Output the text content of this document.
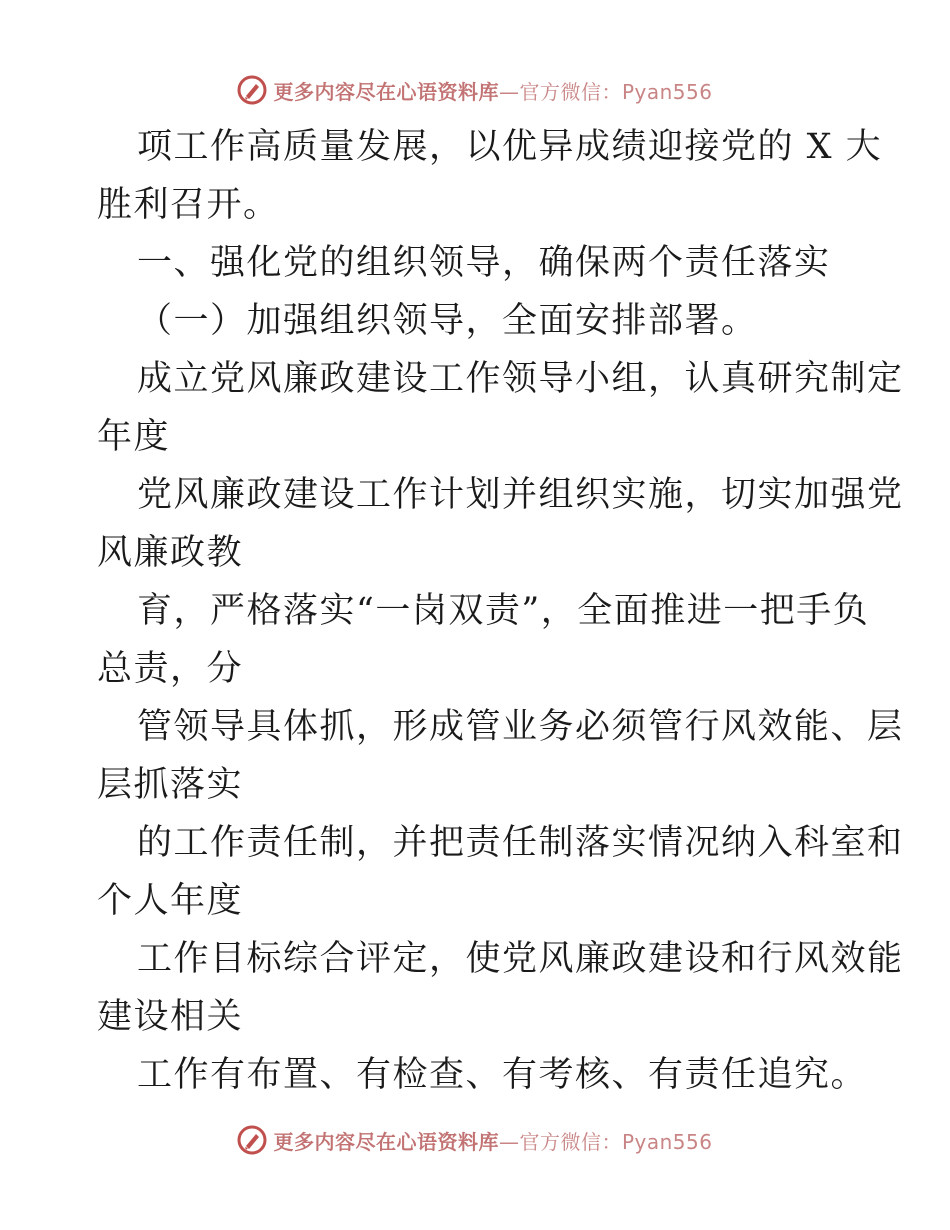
更多内容尽在心语资料库—官方微信：Pyan556
项工作高质量发展，以优异成绩迎接党的 X 大
胜利召开。
一、强化党的组织领导，确保两个责任落实
（一）加强组织领导，全面安排部署。
成立党风廉政建设工作领导小组，认真研究制定
年度
党风廉政建设工作计划并组织实施，切实加强党
风廉政教
育，严格落实“一岗双责”，全面推进一把手负
总责，分
管领导具体抓，形成管业务必须管行风效能、层
层抓落实
的工作责任制，并把责任制落实情况纳入科室和
个人年度
工作目标综合评定，使党风廉政建设和行风效能
建设相关
工作有布置、有检查、有考核、有责任追究。
更多内容尽在心语资料库—官方微信：Pyan556
